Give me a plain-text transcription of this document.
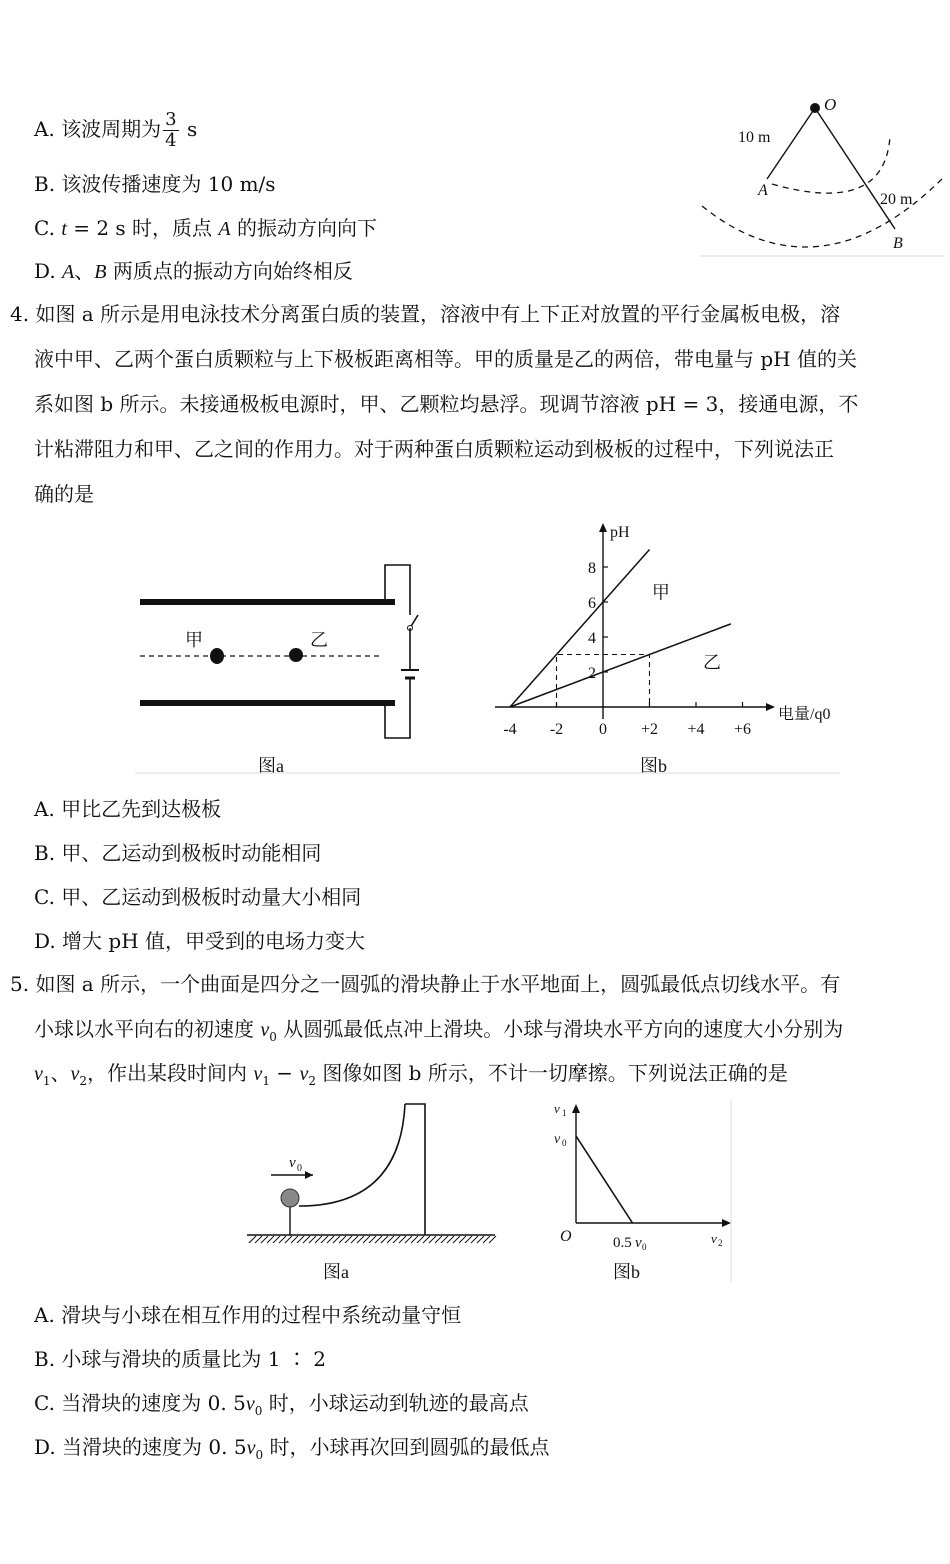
A. 该波周期为 $\frac{3}{4}$ s
B. 该波传播速度为 10 m/s
C. t = 2 s 时，质点 A 的振动方向向下
D. A、B 两质点的振动方向始终相反
O
A
B
10 m
20 m
4. 如图 a 所示是用电泳技术分离蛋白质的装置，溶液中有上下正对放置的平行金属板电极，溶
液中甲、乙两个蛋白质颗粒与上下极板距离相等。甲的质量是乙的两倍，带电量与 pH 值的关
系如图 b 所示。未接通极板电源时，甲、乙颗粒均悬浮。现调节溶液 pH = 3，接通电源，不
计粘滞阻力和甲、乙之间的作用力。对于两种蛋白质颗粒运动到极板的过程中，下列说法正
确的是
甲	乙
图a
pH
电量/q0
-4 -2 0 +2 +4 +6
2
4
6
8
甲
乙
图b
A. 甲比乙先到达极板
B. 甲、乙运动到极板时动能相同
C. 甲、乙运动到极板时动量大小相同
D. 增大 pH 值，甲受到的电场力变大
5. 如图 a 所示，一个曲面是四分之一圆弧的滑块静止于水平地面上，圆弧最低点切线水平。有
小球以水平向右的初速度 $v_0$ 从圆弧最低点冲上滑块。小球与滑块水平方向的速度大小分别为
$v_1$、$v_2$，作出某段时间内 $v_1 - v_2$ 图像如图 b 所示，不计一切摩擦。下列说法正确的是
v 0
图a
v 1
v 0
O	0.5 v 0
v 2
图b
A. 滑块与小球在相互作用的过程中系统动量守恒
B. 小球与滑块的质量比为 1 ∶ 2
C. 当滑块的速度为 0. $5v_0$ 时，小球运动到轨迹的最高点
D. 当滑块的速度为 0. $5v_0$ 时，小球再次回到圆弧的最低点
